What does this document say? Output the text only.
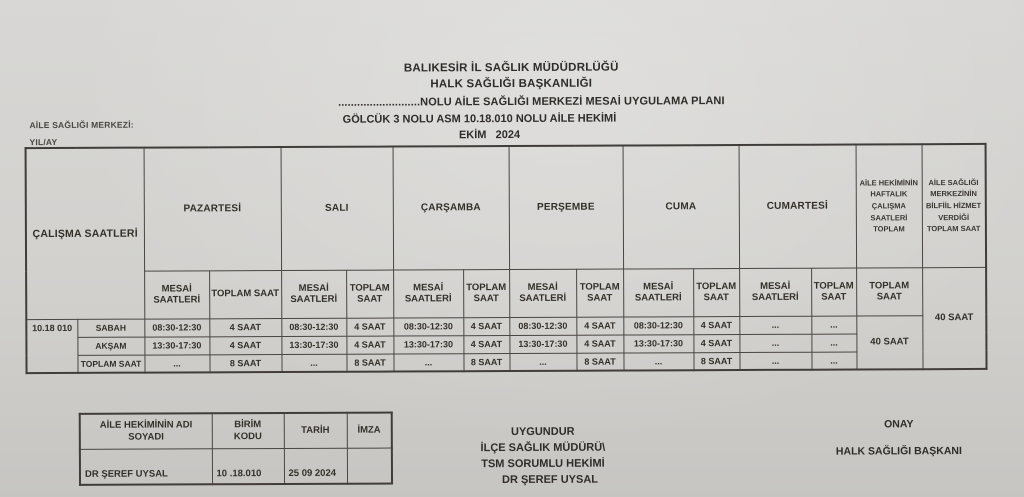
BALIKESİR İL SAĞLIK MÜDÜDRLÜĞÜ
HALK SAĞLIĞI BAŞKANLIĞI
..........................NOLU AİLE SAĞLIĞI MERKEZİ MESAİ UYGULAMA PLANI
GÖLCÜK 3 NOLU ASM 10.18.010 NOLU AİLE HEKİMİ
EKİM   2024
AİLE SAĞLIĞI MERKEZİ:
YIL/AY
ÇALIŞMA SAATLERİ		PAZARTESİ		SALI		ÇARŞAMBA		PERŞEMBE		CUMA		CUMARTESİ		AİLE HEKİMİNİN HAFTALIK ÇALIŞMA SAATLERİ TOPLAM	AİLE SAĞLIĞI MERKEZİNİN BİLFİİL HİZMET VERDİĞİ TOPLAM SAAT
		MESAİ SAATLERİ	TOPLAM SAAT	MESAİ SAATLERİ	TOPLAM SAAT	MESAİ SAATLERİ	TOPLAM SAAT	MESAİ SAATLERİ	TOPLAM SAAT	MESAİ SAATLERİ	TOPLAM SAAT	MESAİ SAATLERİ	TOPLAM SAAT	TOPLAM SAAT	40 SAAT
10.18 010	SABAH	08:30-12:30	4 SAAT	08:30-12:30	4 SAAT	08:30-12:30	4 SAAT	08:30-12:30	4 SAAT	08:30-12:30	4 SAAT	...	...	40 SAAT	
	AKŞAM	13:30-17:30	4 SAAT	13:30-17:30	4 SAAT	13:30-17:30	4 SAAT	13:30-17:30	4 SAAT	13:30-17:30	4 SAAT	...	...		
	TOPLAM SAAT	...	8 SAAT	...	8 SAAT	...	8 SAAT	...	8 SAAT	...	8 SAAT	...	...		
AİLE HEKİMİNİN ADI SOYADI	BİRİM KODU	TARİH	İMZA
DR ŞEREF UYSAL	10 .18.010	25 09 2024	
UYGUNDUR
İLÇE SAĞLIK MÜDÜRÜ\
TSM SORUMLU HEKİMİ
DR ŞEREF UYSAL
ONAY
HALK SAĞLIĞI BAŞKANI
